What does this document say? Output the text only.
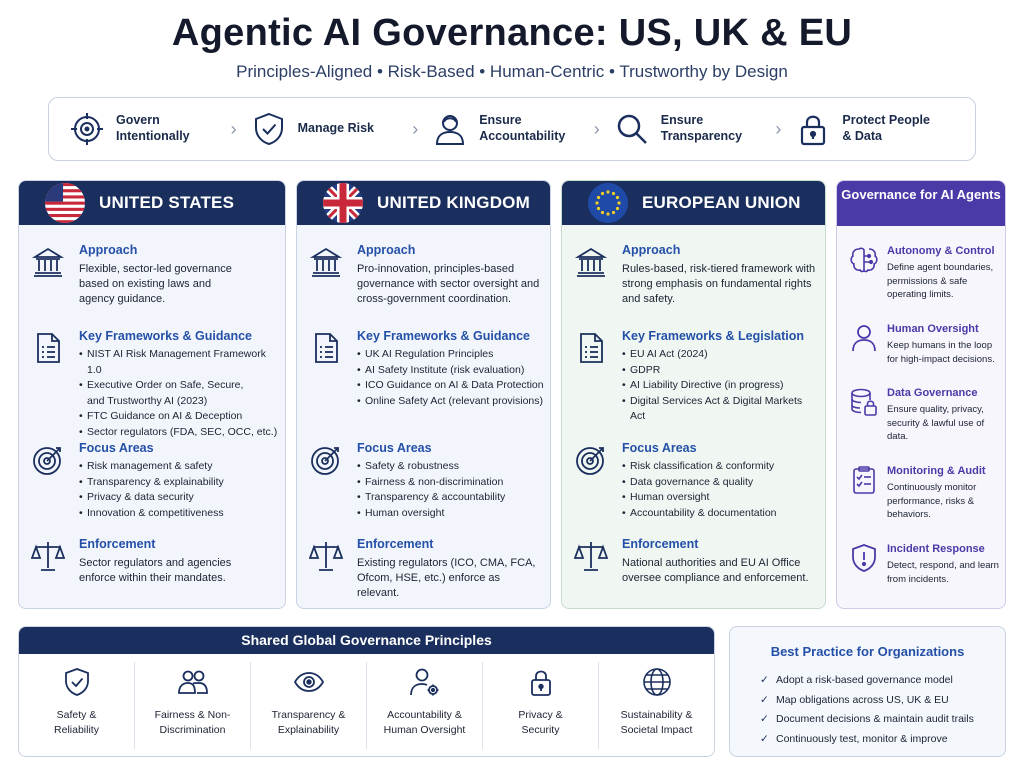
Agentic AI Governance: US, UK & EU
Principles-Aligned • Risk-Based • Human-Centric • Trustworthy by Design
Govern Intentionally	›	Manage Risk	›	Ensure Accountability	›	Ensure Transparency	›	Protect People & Data
UNITED STATES
Approach
Flexible, sector-led governance based on existing laws and agency guidance.
Key Frameworks & Guidance
• NIST AI Risk Management Framework 1.0
• Executive Order on Safe, Secure, and Trustworthy AI (2023)
• FTC Guidance on AI & Deception
• Sector regulators (FDA, SEC, OCC, etc.)
Focus Areas
• Risk management & safety
• Transparency & explainability
• Privacy & data security
• Innovation & competitiveness
Enforcement
Sector regulators and agencies enforce within their mandates.
UNITED KINGDOM
Approach
Pro-innovation, principles-based governance with sector oversight and cross-government coordination.
Key Frameworks & Guidance
• UK AI Regulation Principles
• AI Safety Institute (risk evaluation)
• ICO Guidance on AI & Data Protection
• Online Safety Act (relevant provisions)
Focus Areas
• Safety & robustness
• Fairness & non-discrimination
• Transparency & accountability
• Human oversight
Enforcement
Existing regulators (ICO, CMA, FCA, Ofcom, HSE, etc.) enforce as relevant.
EUROPEAN UNION
Approach
Rules-based, risk-tiered framework with strong emphasis on fundamental rights and safety.
Key Frameworks & Legislation
• EU AI Act (2024)
• GDPR
• AI Liability Directive (in progress)
• Digital Services Act & Digital Markets Act
Focus Areas
• Risk classification & conformity
• Data governance & quality
• Human oversight
• Accountability & documentation
Enforcement
National authorities and EU AI Office oversee compliance and enforcement.
Governance for AI Agents
Autonomy & Control
Define agent boundaries, permissions & safe operating limits.
Human Oversight
Keep humans in the loop for high-impact decisions.
Data Governance
Ensure quality, privacy, security & lawful use of data.
Monitoring & Audit
Continuously monitor performance, risks & behaviors.
Incident Response
Detect, respond, and learn from incidents.
Shared Global Governance Principles
Safety & Reliability
Fairness & Non-Discrimination
Transparency & Explainability
Accountability & Human Oversight
Privacy & Security
Sustainability & Societal Impact
Best Practice for Organizations
✓ Adopt a risk-based governance model
✓ Map obligations across US, UK & EU
✓ Document decisions & maintain audit trails
✓ Continuously test, monitor & improve
